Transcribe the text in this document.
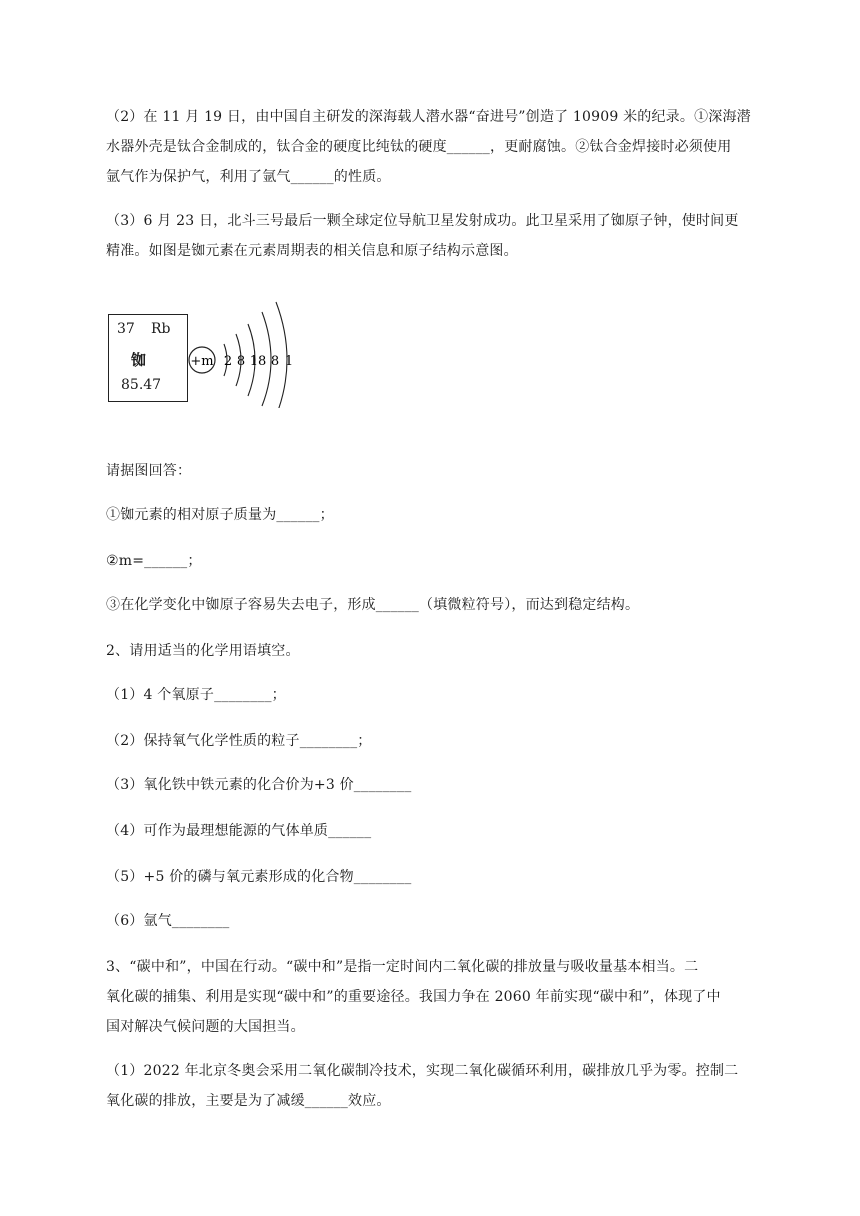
（2）在 11 月 19 日，由中国自主研发的深海载人潜水器“奋进号”创造了 10909 米的纪录。①深海潜

水器外壳是钛合金制成的，钛合金的硬度比纯钛的硬度______，更耐腐蚀。②钛合金焊接时必须使用

氩气作为保护气，利用了氩气______的性质。

（3）6 月 23 日，北斗三号最后一颗全球定位导航卫星发射成功。此卫星采用了铷原子钟，使时间更

精准。如图是铷元素在元素周期表的相关信息和原子结构示意图。

37 Rb
铷
85.47
+m 2 8 18 8 1

请据图回答：

①铷元素的相对原子质量为______；

②m=______；

③在化学变化中铷原子容易失去电子，形成______（填微粒符号），而达到稳定结构。

2、请用适当的化学用语填空。

（1）4 个氧原子________；

（2）保持氧气化学性质的粒子________；

（3）氧化铁中铁元素的化合价为+3 价________

（4）可作为最理想能源的气体单质______

（5）+5 价的磷与氧元素形成的化合物________

（6）氩气________

3、“碳中和”，中国在行动。“碳中和”是指一定时间内二氧化碳的排放量与吸收量基本相当。二

氧化碳的捕集、利用是实现“碳中和”的重要途径。我国力争在 2060 年前实现“碳中和”，体现了中

国对解决气候问题的大国担当。

（1）2022 年北京冬奥会采用二氧化碳制冷技术，实现二氧化碳循环利用，碳排放几乎为零。控制二

氧化碳的排放，主要是为了减缓______效应。
